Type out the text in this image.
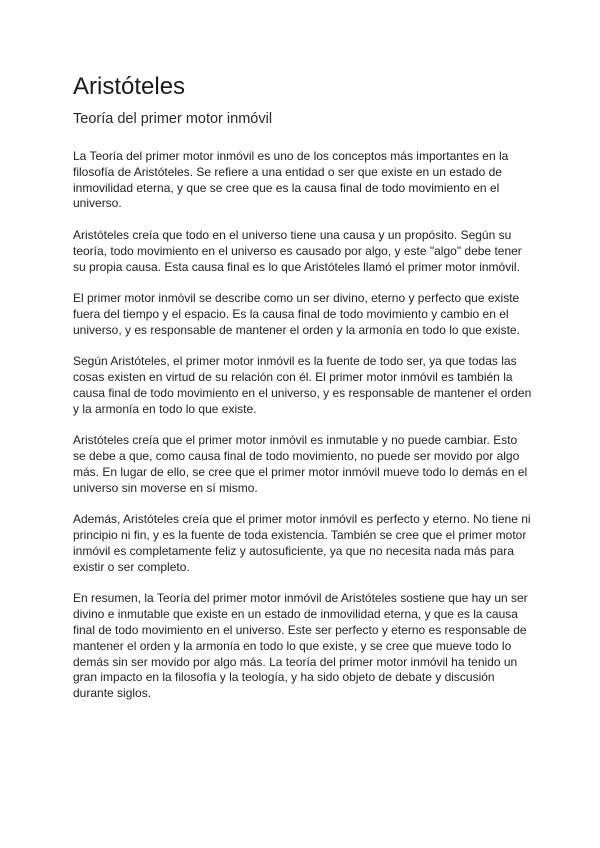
Aristóteles
Teoría del primer motor inmóvil

La Teoría del primer motor inmóvil es uno de los conceptos más importantes en la filosofía de Aristóteles. Se refiere a una entidad o ser que existe en un estado de inmovilidad eterna, y que se cree que es la causa final de todo movimiento en el universo.

Aristóteles creía que todo en el universo tiene una causa y un propósito. Según su teoría, todo movimiento en el universo es causado por algo, y este "algo" debe tener su propia causa. Esta causa final es lo que Aristóteles llamó el primer motor inmóvil.

El primer motor inmóvil se describe como un ser divino, eterno y perfecto que existe fuera del tiempo y el espacio. Es la causa final de todo movimiento y cambio en el universo, y es responsable de mantener el orden y la armonía en todo lo que existe.

Según Aristóteles, el primer motor inmóvil es la fuente de todo ser, ya que todas las cosas existen en virtud de su relación con él. El primer motor inmóvil es también la causa final de todo movimiento en el universo, y es responsable de mantener el orden y la armonía en todo lo que existe.

Aristóteles creía que el primer motor inmóvil es inmutable y no puede cambiar. Esto se debe a que, como causa final de todo movimiento, no puede ser movido por algo más. En lugar de ello, se cree que el primer motor inmóvil mueve todo lo demás en el universo sin moverse en sí mismo.

Además, Aristóteles creía que el primer motor inmóvil es perfecto y eterno. No tiene ni principio ni fin, y es la fuente de toda existencia. También se cree que el primer motor inmóvil es completamente feliz y autosuficiente, ya que no necesita nada más para existir o ser completo.

En resumen, la Teoría del primer motor inmóvil de Aristóteles sostiene que hay un ser divino e inmutable que existe en un estado de inmovilidad eterna, y que es la causa final de todo movimiento en el universo. Este ser perfecto y eterno es responsable de mantener el orden y la armonía en todo lo que existe, y se cree que mueve todo lo demás sin ser movido por algo más. La teoría del primer motor inmóvil ha tenido un gran impacto en la filosofía y la teología, y ha sido objeto de debate y discusión durante siglos.
